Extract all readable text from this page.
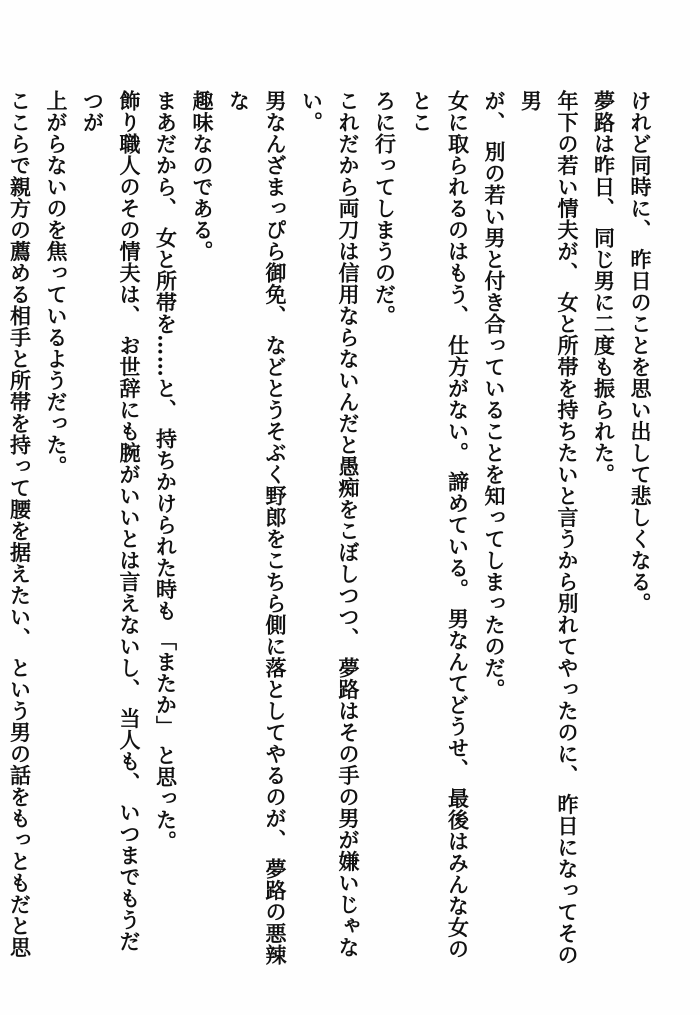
けれど同時に、 昨日のことを思い出して悲しくなる。

夢路は昨日、 同じ男に二度も振られた。

年下の若い情夫が、 女と所帯を持ちたいと言うから別れてやったのに、 昨日になってその男

が、 別の若い男と付き合っていることを知ってしまったのだ。

女に取られるのはもう、 仕方がない。 諦めている。 男なんてどうせ、 最後はみんな女のとこ

ろに行ってしまうのだ。

これだから両刀は信用ならないんだと愚痴をこぼしつつ、 夢路はその手の男が嫌いじゃな

い。

男なんざまっぴら御免、 などとうそぶく野郎をこちら側に落としてやるのが、 夢路の悪辣な

趣味なのである。

まあだから、 女と所帯を……と、 持ちかけられた時も 「またか」 と思った。

飾り職人のその情夫は、 お世辞にも腕がいいとは言えないし、 当人も、 いつまでもうだつが

上がらないのを焦っているようだった。

ここらで親方の薦める相手と所帯を持って腰を据えたい、 という男の話をもっともだと思
